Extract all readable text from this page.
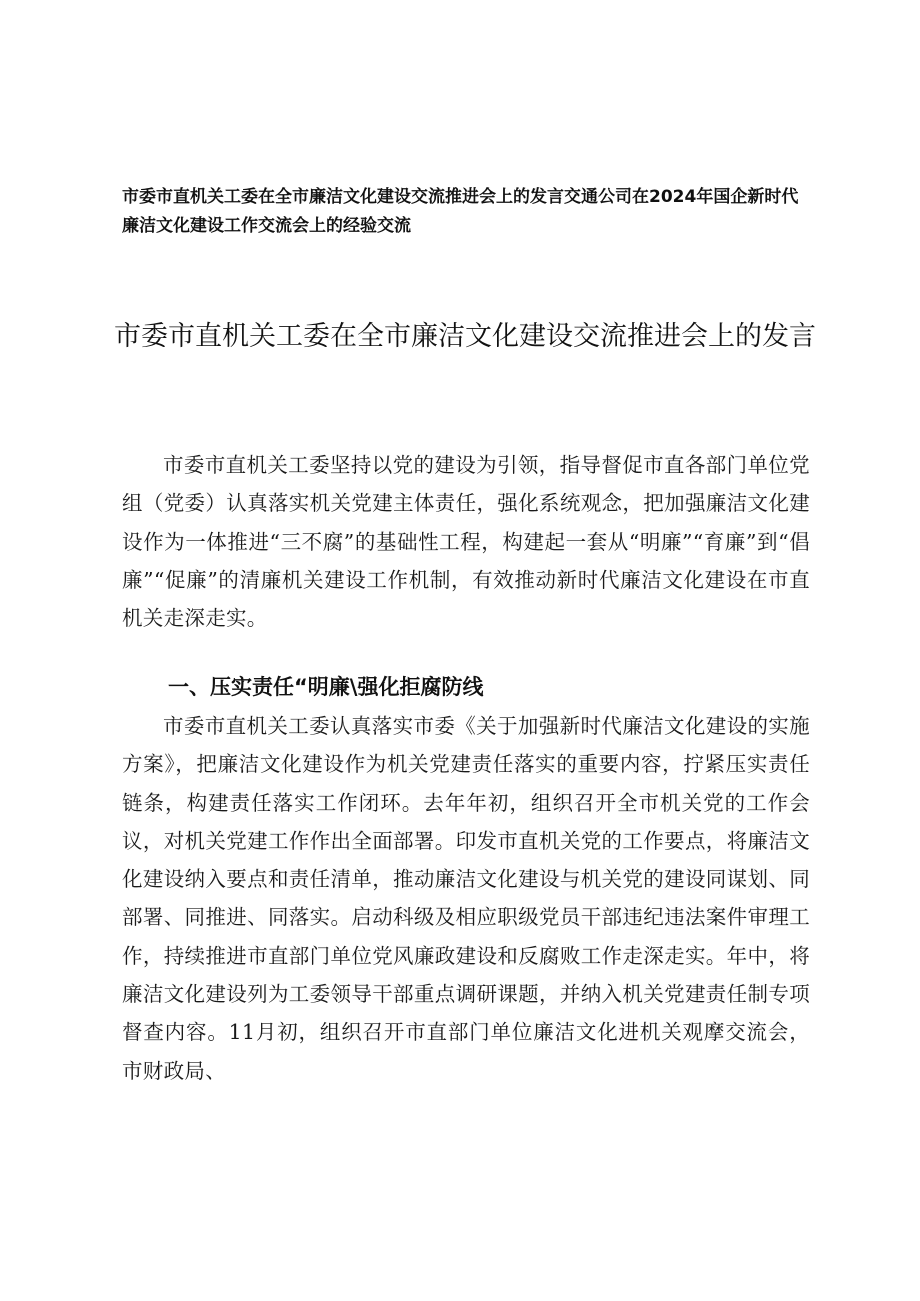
市委市直机关工委在全市廉洁文化建设交流推进会上的发言交通公司在2024年国企新时代廉洁文化建设工作交流会上的经验交流

市委市直机关工委在全市廉洁文化建设交流推进会上的发言

市委市直机关工委坚持以党的建设为引领，指导督促市直各部门单位党组（党委）认真落实机关党建主体责任，强化系统观念，把加强廉洁文化建设作为一体推进“三不腐”的基础性工程，构建起一套从“明廉”“育廉”到“倡廉”“促廉”的清廉机关建设工作机制，有效推动新时代廉洁文化建设在市直机关走深走实。

一、压实责任“明廉\强化拒腐防线

市委市直机关工委认真落实市委《关于加强新时代廉洁文化建设的实施方案》，把廉洁文化建设作为机关党建责任落实的重要内容，拧紧压实责任链条，构建责任落实工作闭环。去年年初，组织召开全市机关党的工作会议，对机关党建工作作出全面部署。印发市直机关党的工作要点，将廉洁文化建设纳入要点和责任清单，推动廉洁文化建设与机关党的建设同谋划、同部署、同推进、同落实。启动科级及相应职级党员干部违纪违法案件审理工作，持续推进市直部门单位党风廉政建设和反腐败工作走深走实。年中，将廉洁文化建设列为工委领导干部重点调研课题，并纳入机关党建责任制专项督查内容。11月初，组织召开市直部门单位廉洁文化进机关观摩交流会，市财政局、
